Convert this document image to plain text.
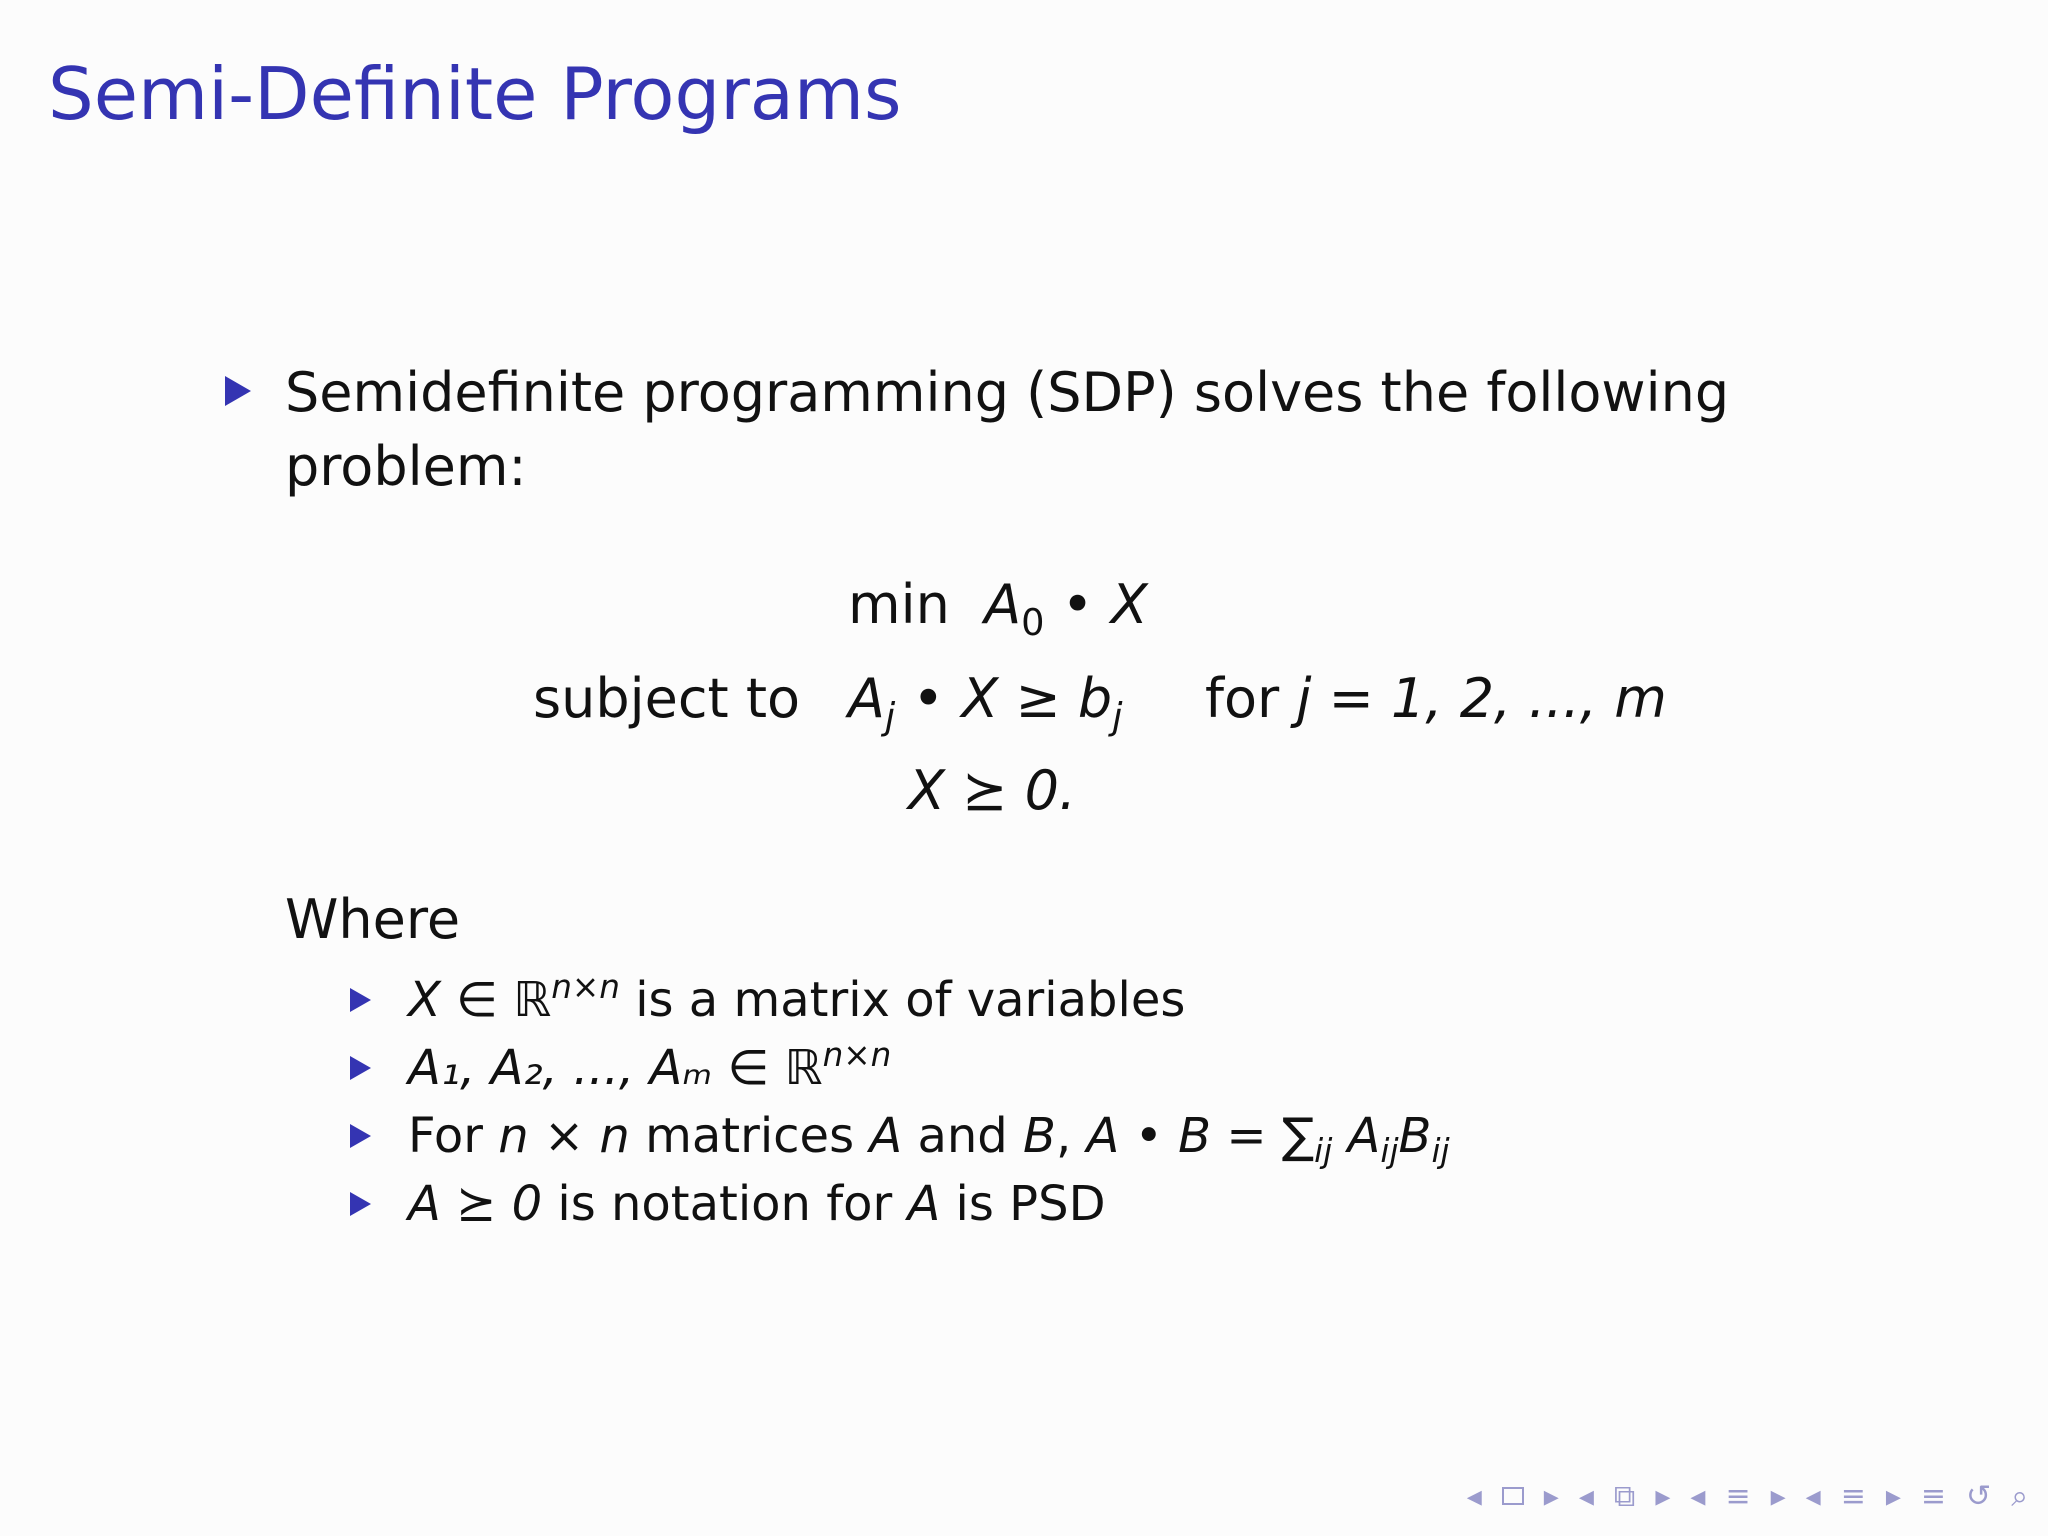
Semi-Definite Programs
Semidefinite programming (SDP) solves the following
problem:
$\min A_0$ • X
subject to $A_j$ • $X \ge b_j$ for j = 1, 2, ..., m
X ⪰ 0.
Where
X ∈ ℝ$^{n\times n}$ is a matrix of variables
A₁, A₂, ..., Aₘ ∈ ℝ$^{n\times n}$
For n × n matrices A and B, A • $B = \sum_{ij}$ $A_{ij}B_{ij}$
A ⪰ 0 is notation for A is PSD
◂ ▸ ◂ ⧉ ▸ ◂ ≡ ▸ ◂ ≡ ▸ ≡ ↺ ⌕
